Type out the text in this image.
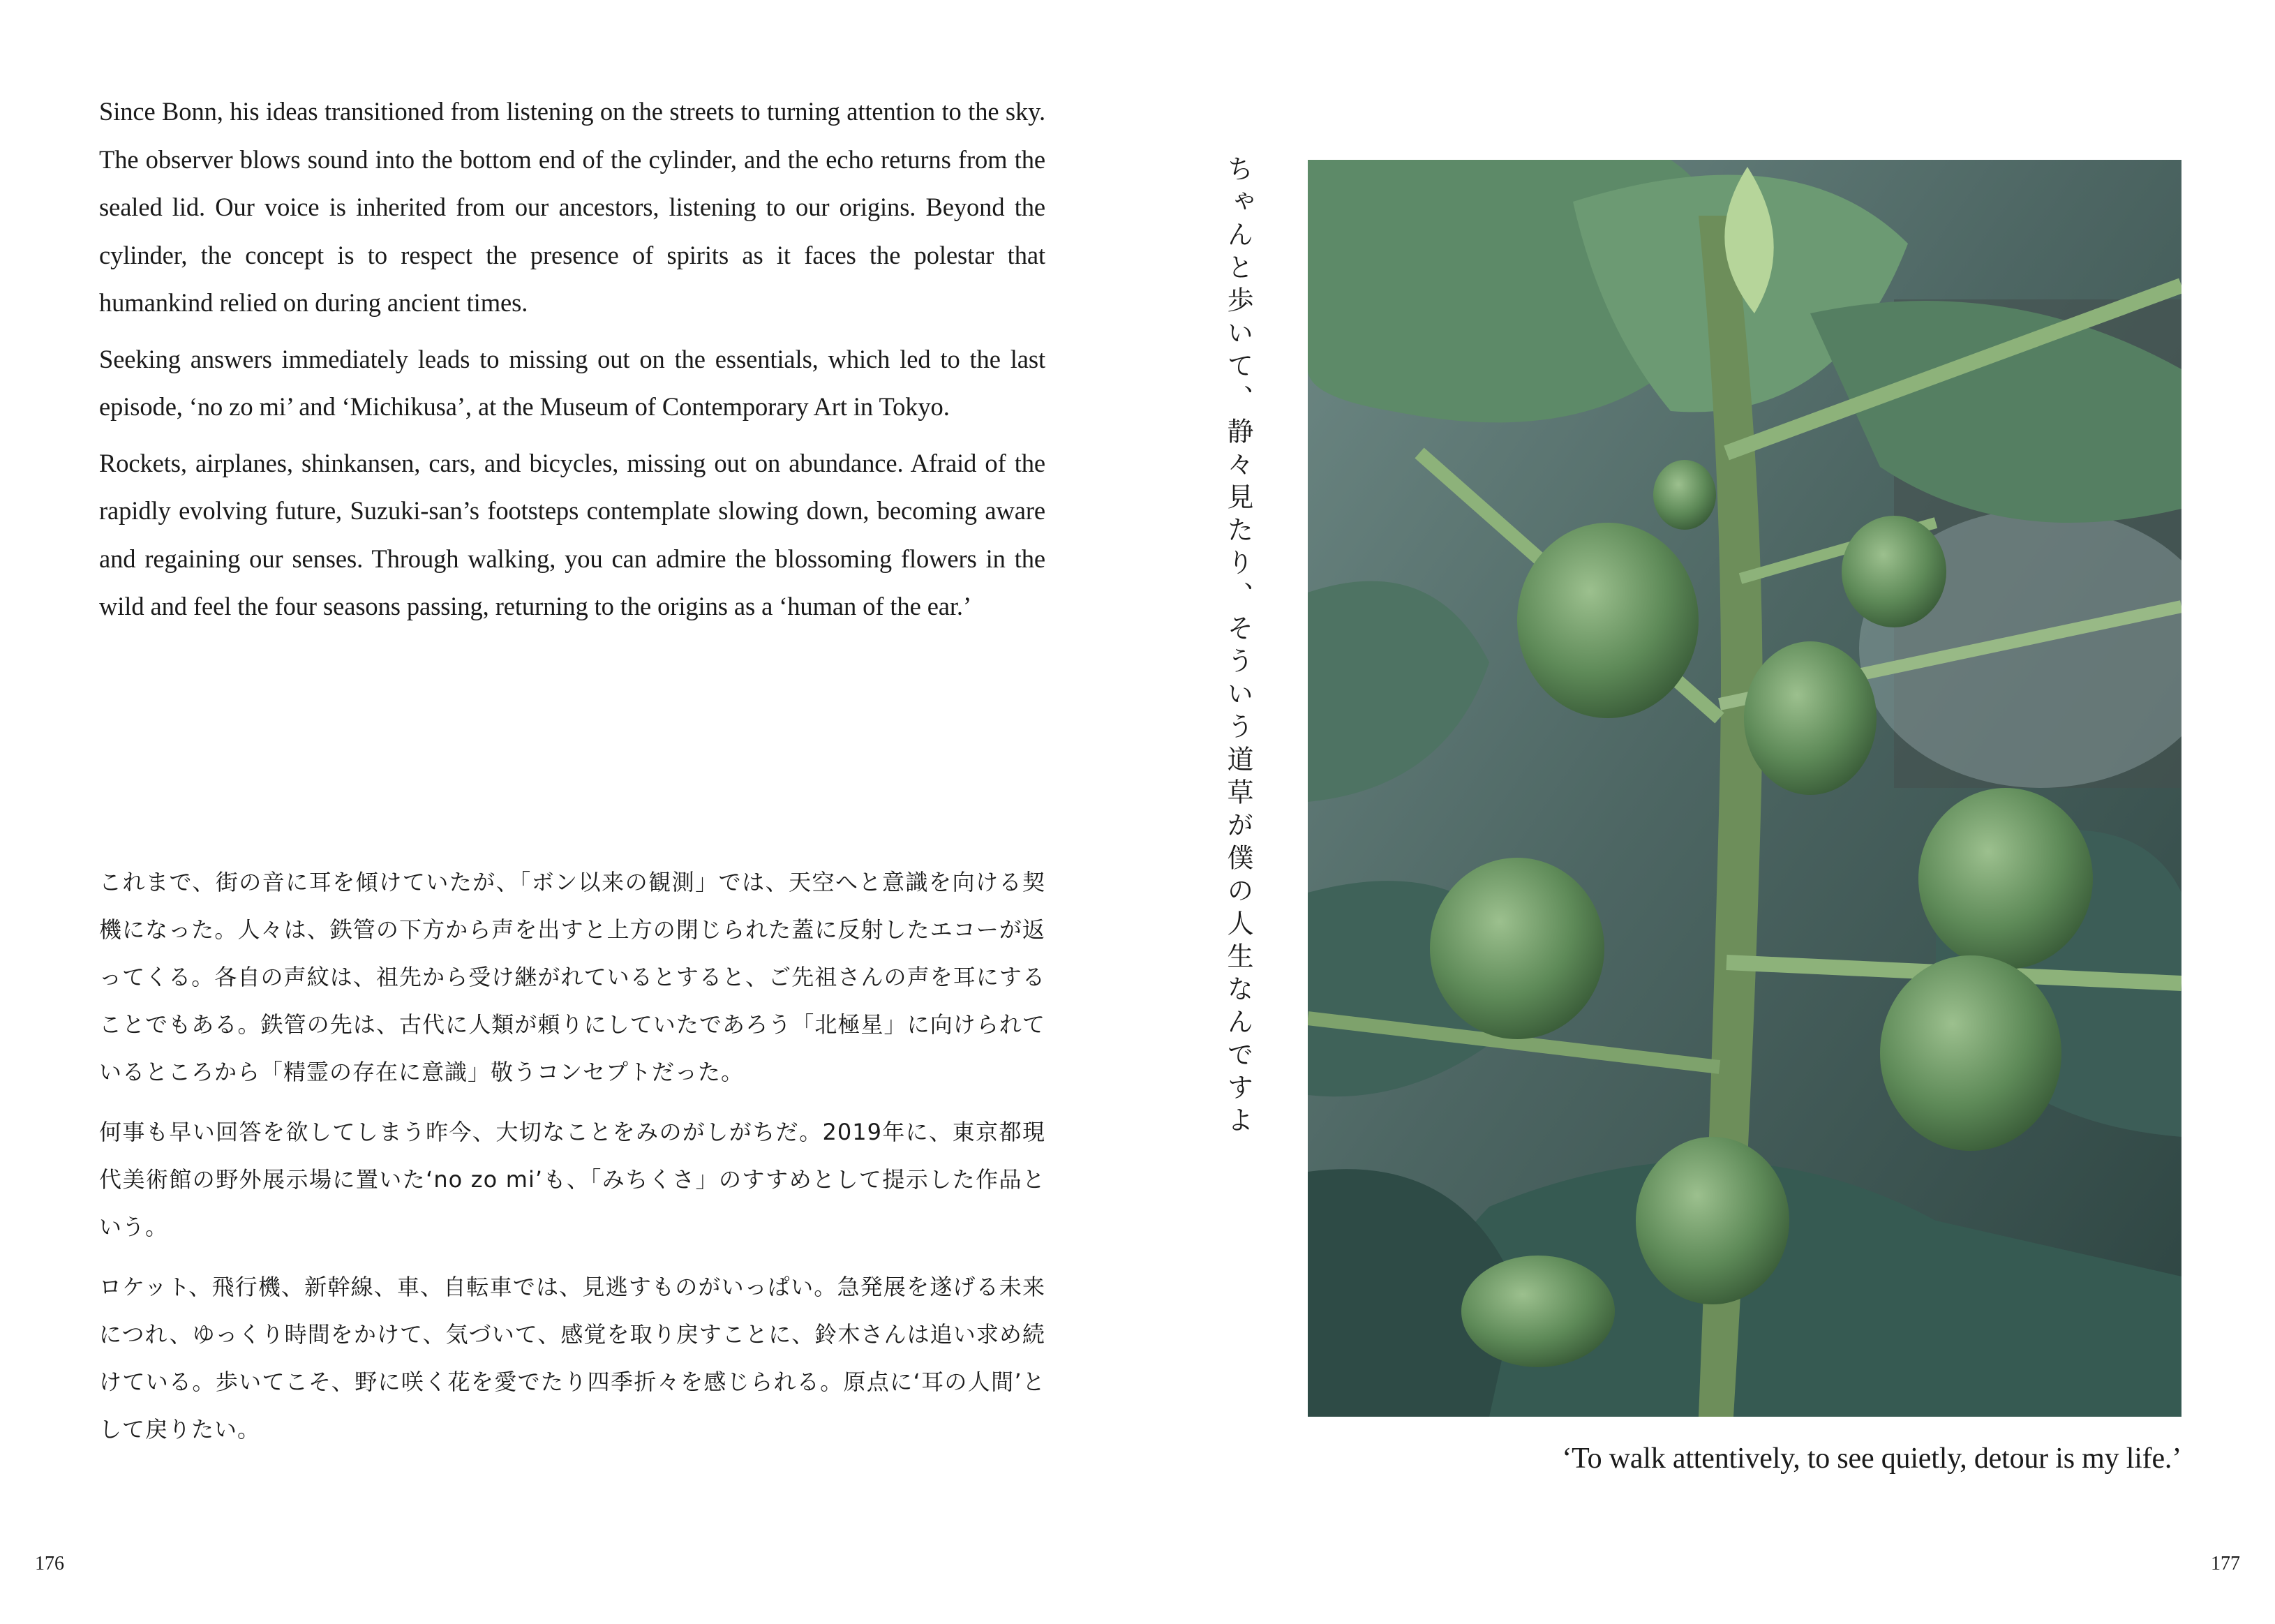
Since Bonn, his ideas transitioned from listening on the streets to turning attention to the sky. The observer blows sound into the bottom end of the cylinder, and the echo returns from the sealed lid. Our voice is inherited from our ancestors, listening to our origins. Beyond the cylinder, the concept is to respect the presence of spirits as it faces the polestar that humankind relied on during ancient times.

Seeking answers immediately leads to missing out on the essentials, which led to the last episode, ‘no zo mi’ and ‘Michikusa’, at the Museum of Contemporary Art in Tokyo.

Rockets, airplanes, shinkansen, cars, and bicycles, missing out on abundance. Afraid of the rapidly evolving future, Suzuki-san’s footsteps contemplate slowing down, becoming aware and regaining our senses. Through walking, you can admire the blossoming flowers in the wild and feel the four seasons passing, returning to the origins as a ‘human of the ear.’

これまで、街の音に耳を傾けていたが、「ボン以来の観測」では、天空へと意識を向ける契機になった。人々は、鉄管の下方から声を出すと上方の閉じられた蓋に反射したエコーが返ってくる。各自の声紋は、祖先から受け継がれているとすると、ご先祖さんの声を耳にすることでもある。鉄管の先は、古代に人類が頼りにしていたであろう「北極星」に向けられているところから「精霊の存在に意識」敬うコンセプトだった。

何事も早い回答を欲してしまう昨今、大切なことをみのがしがちだ。2019年に、東京都現代美術館の野外展示場に置いた‘no zo mi’も、「みちくさ」のすすめとして提示した作品という。

ロケット、飛行機、新幹線、車、自転車では、見逃すものがいっぱい。急発展を遂げる未来につれ、ゆっくり時間をかけて、気づいて、感覚を取り戻すことに、鈴木さんは追い求め続けている。歩いてこそ、野に咲く花を愛でたり四季折々を感じられる。原点に‘耳の人間’として戻りたい。

176
ちゃんと歩いて、静々見たり、そういう道草が僕の人生なんですよ
‘To walk attentively, to see quietly, detour is my life.’
177
